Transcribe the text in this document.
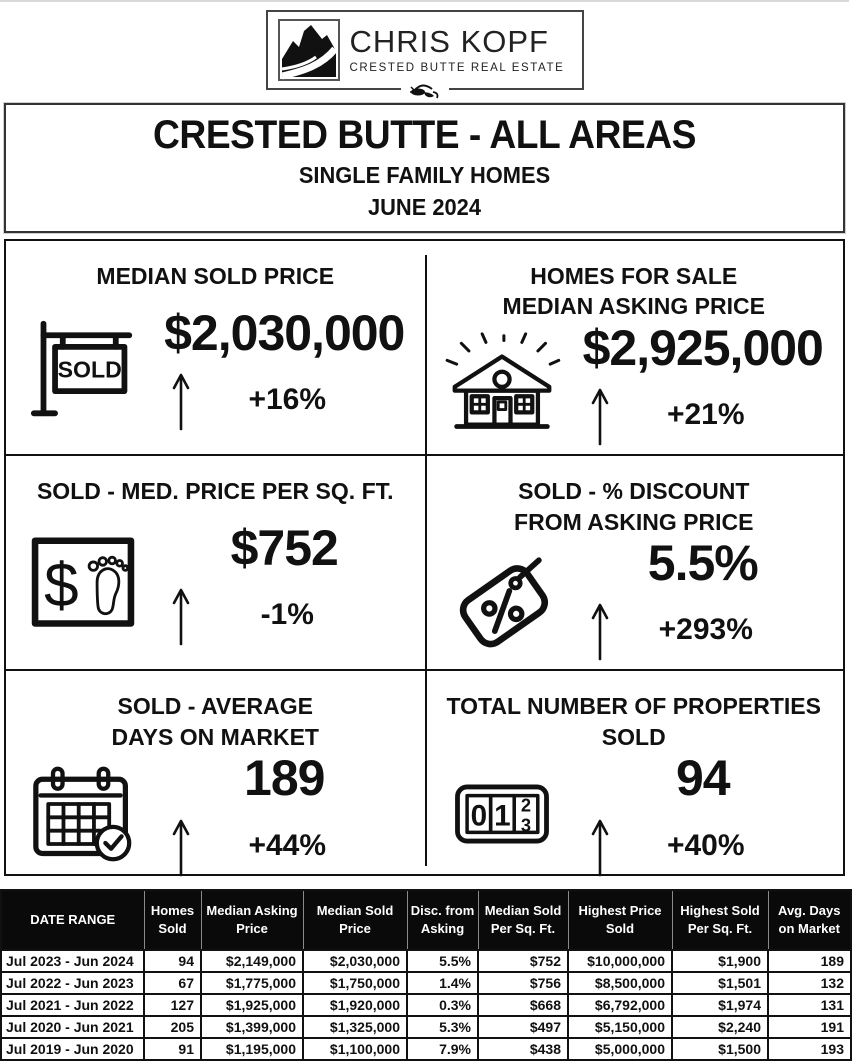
CHRIS KOPF
CRESTED BUTTE REAL ESTATE
CRESTED BUTTE - ALL AREAS
SINGLE FAMILY HOMES
JUNE 2024
MEDIAN SOLD PRICE
SOLD
$2,030,000
+16%
HOMES FOR SALE
MEDIAN ASKING PRICE
$2,925,000
+21%
SOLD - MED. PRICE PER SQ. FT.
$
$752
-1%
SOLD - % DISCOUNT
FROM ASKING PRICE
5.5%
+293%
SOLD - AVERAGE
DAYS ON MARKET
189
+44%
TOTAL NUMBER OF PROPERTIES
SOLD
0 1 2
3
94
+40%
DATE RANGE	Homes Sold	Median Asking Price	Median Sold Price	Disc. from Asking	Median Sold Per Sq. Ft.	Highest Price Sold	Highest Sold Per Sq. Ft.	Avg. Days on Market
Jul 2023 - Jun 2024	94	$2,149,000	$2,030,000	5.5%	$752	$10,000,000	$1,900	189
Jul 2022 - Jun 2023	67	$1,775,000	$1,750,000	1.4%	$756	$8,500,000	$1,501	132
Jul 2021 - Jun 2022	127	$1,925,000	$1,920,000	0.3%	$668	$6,792,000	$1,974	131
Jul 2020 - Jun 2021	205	$1,399,000	$1,325,000	5.3%	$497	$5,150,000	$2,240	191
Jul 2019 - Jun 2020	91	$1,195,000	$1,100,000	7.9%	$438	$5,000,000	$1,500	193
